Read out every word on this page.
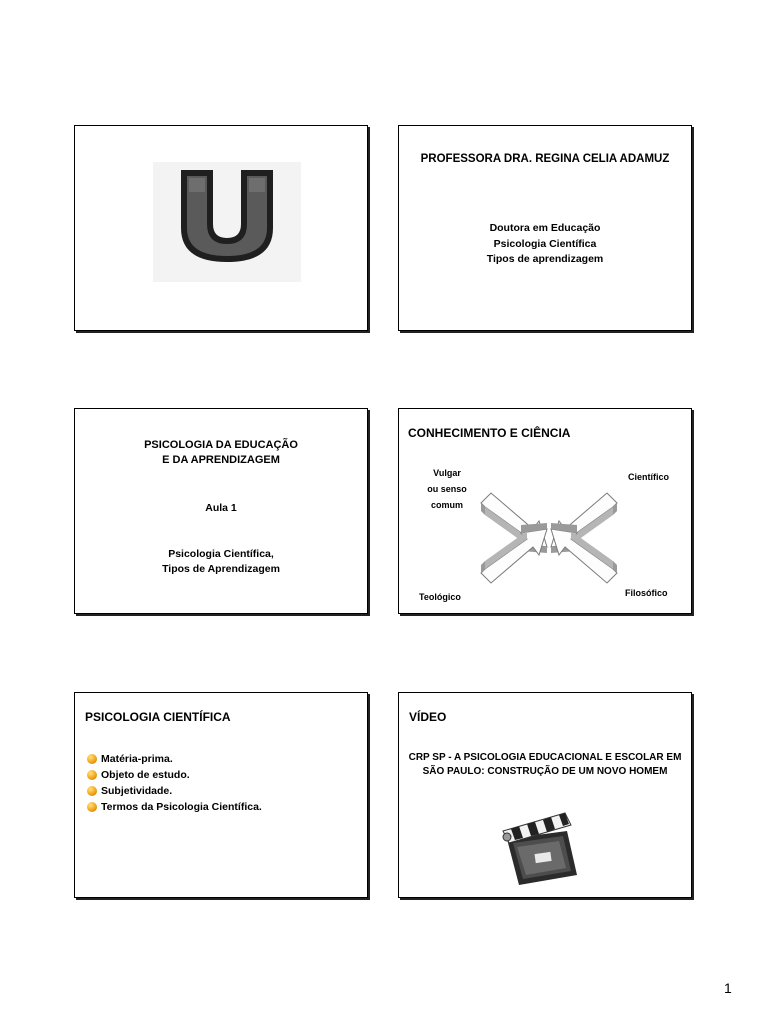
PROFESSORA DRA. REGINA CELIA ADAMUZ
Doutora em Educação
Psicologia Científica
Tipos de aprendizagem
PSICOLOGIA DA EDUCAÇÃO
E DA APRENDIZAGEM
Aula 1
Psicologia Científica,
Tipos de Aprendizagem
CONHECIMENTO E CIÊNCIA
Vulgar
ou senso
comum
Científico
Teológico	Filosófico
PSICOLOGIA CIENTÍFICA
Matéria-prima.
Objeto de estudo.
Subjetividade.
Termos da Psicologia Científica.
VÍDEO
CRP SP - A PSICOLOGIA EDUCACIONAL E ESCOLAR EM SÃO PAULO: CONSTRUÇÃO DE UM NOVO HOMEM
1
